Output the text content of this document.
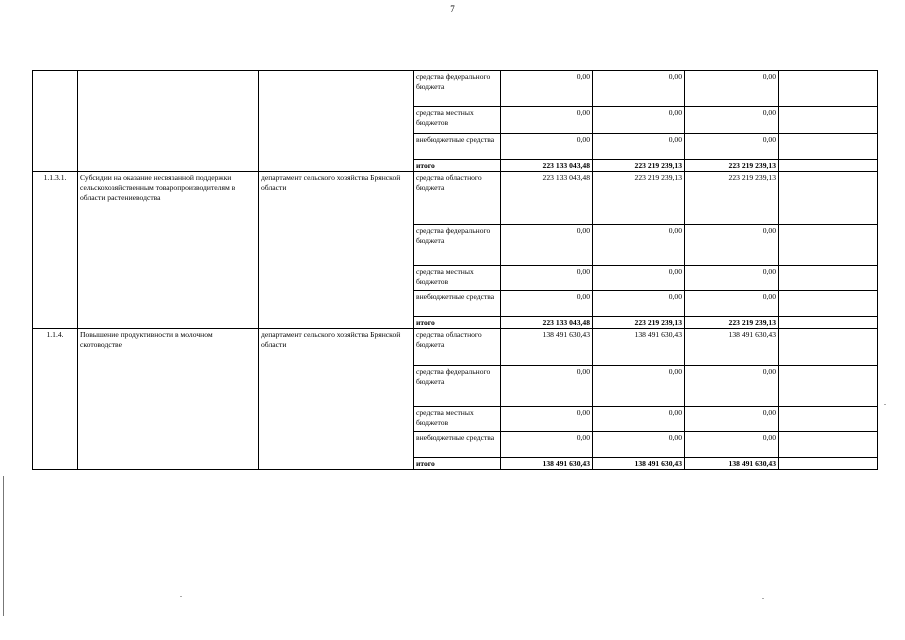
7
			средства федерального бюджета	0,00	0,00	0,00	
			средства местных бюджетов	0,00	0,00	0,00	
			внебюджетные средства	0,00	0,00	0,00	
			итого	223 133 043,48	223 219 239,13	223 219 239,13	
1.1.3.1.	Субсидии на оказание несвязанной поддержки сельскохозяйственным товаропроизводителям в области растениеводства	департамент сельского хозяйства Брянской области	средства областного бюджета	223 133 043,48	223 219 239,13	223 219 239,13	
			средства федерального бюджета	0,00	0,00	0,00	
			средства местных бюджетов	0,00	0,00	0,00	
			внебюджетные средства	0,00	0,00	0,00	
			итого	223 133 043,48	223 219 239,13	223 219 239,13	
1.1.4.	Повышение продуктивности в молочном скотоводстве	департамент сельского хозяйства Брянской области	средства областного бюджета	138 491 630,43	138 491 630,43	138 491 630,43	
			средства федерального бюджета	0,00	0,00	0,00	
			средства местных бюджетов	0,00	0,00	0,00	
			внебюджетные средства	0,00	0,00	0,00	
			итого	138 491 630,43	138 491 630,43	138 491 630,43	
